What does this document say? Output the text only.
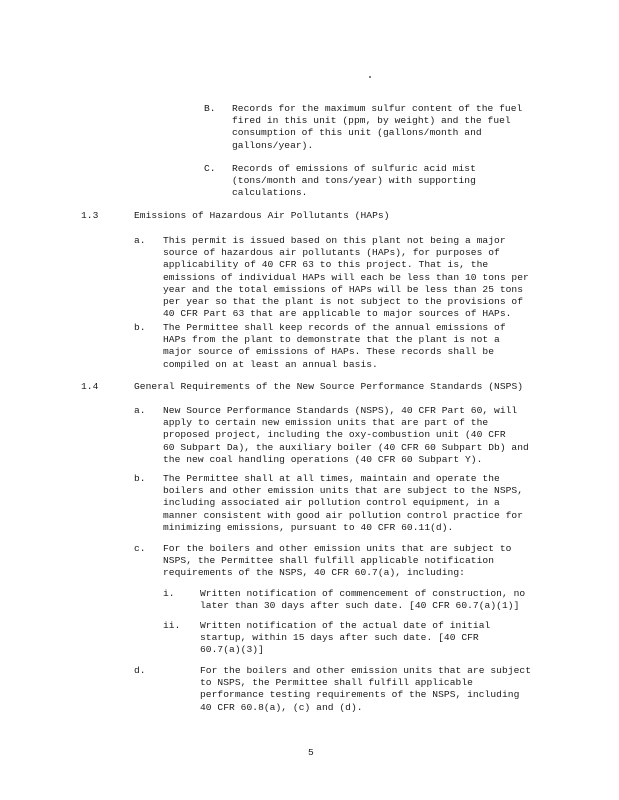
B. Records for the maximum sulfur content of the fuel
fired in this unit (ppm, by weight) and the fuel
consumption of this unit (gallons/month and
gallons/year).
C. Records of emissions of sulfuric acid mist
(tons/month and tons/year) with supporting
calculations.
1.3	Emissions of Hazardous Air Pollutants (HAPs)
a. This permit is issued based on this plant not being a major
source of hazardous air pollutants (HAPs), for purposes of
applicability of 40 CFR 63 to this project. That is, the
emissions of individual HAPs will each be less than 10 tons per
year and the total emissions of HAPs will be less than 25 tons
per year so that the plant is not subject to the provisions of
40 CFR Part 63 that are applicable to major sources of HAPs.
b. The Permittee shall keep records of the annual emissions of
HAPs from the plant to demonstrate that the plant is not a
major source of emissions of HAPs. These records shall be
compiled on at least an annual basis.
1.4	General Requirements of the New Source Performance Standards (NSPS)
a. New Source Performance Standards (NSPS), 40 CFR Part 60, will
apply to certain new emission units that are part of the
proposed project, including the oxy-combustion unit (40 CFR
60 Subpart Da), the auxiliary boiler (40 CFR 60 Subpart Db) and
the new coal handling operations (40 CFR 60 Subpart Y).
b. The Permittee shall at all times, maintain and operate the
boilers and other emission units that are subject to the NSPS,
including associated air pollution control equipment, in a
manner consistent with good air pollution control practice for
minimizing emissions, pursuant to 40 CFR 60.11(d).
c. For the boilers and other emission units that are subject to
NSPS, the Permittee shall fulfill applicable notification
requirements of the NSPS, 40 CFR 60.7(a), including:
i.	Written notification of commencement of construction, no
later than 30 days after such date. [40 CFR 60.7(a)(1)]
ii. Written notification of the actual date of initial
startup, within 15 days after such date. [40 CFR
60.7(a)(3)]
d.	For the boilers and other emission units that are subject
to NSPS, the Permittee shall fulfill applicable
performance testing requirements of the NSPS, including
40 CFR 60.8(a), (c) and (d).
5
